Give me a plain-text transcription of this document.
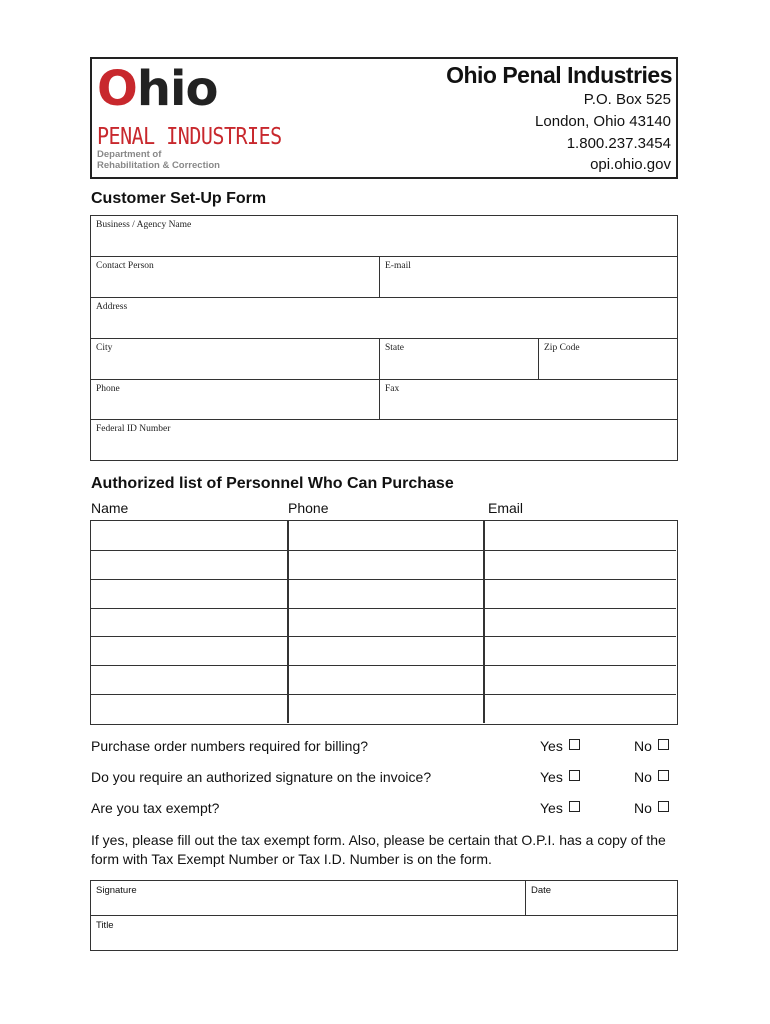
Ohio
PENAL INDUSTRIES
Department of
Rehabilitation & Correction
Ohio Penal Industries
P.O. Box 525
London, Ohio 43140
1.800.237.3454
opi.ohio.gov
Customer Set-Up Form
Business / Agency Name
Contact Person	E-mail
Address
City	State	Zip Code
Phone	Fax
Federal ID Number
Authorized list of Personnel Who Can Purchase
Name	Phone	Email
Purchase order numbers required for billing?	Yes	No
Do you require an authorized signature on the invoice?	Yes	No
Are you tax exempt?	Yes	No
If yes, please fill out the tax exempt form. Also, please be certain that O.P.I. has a copy of the form with Tax Exempt Number or Tax I.D. Number is on the form.
Signature	Date
Title
